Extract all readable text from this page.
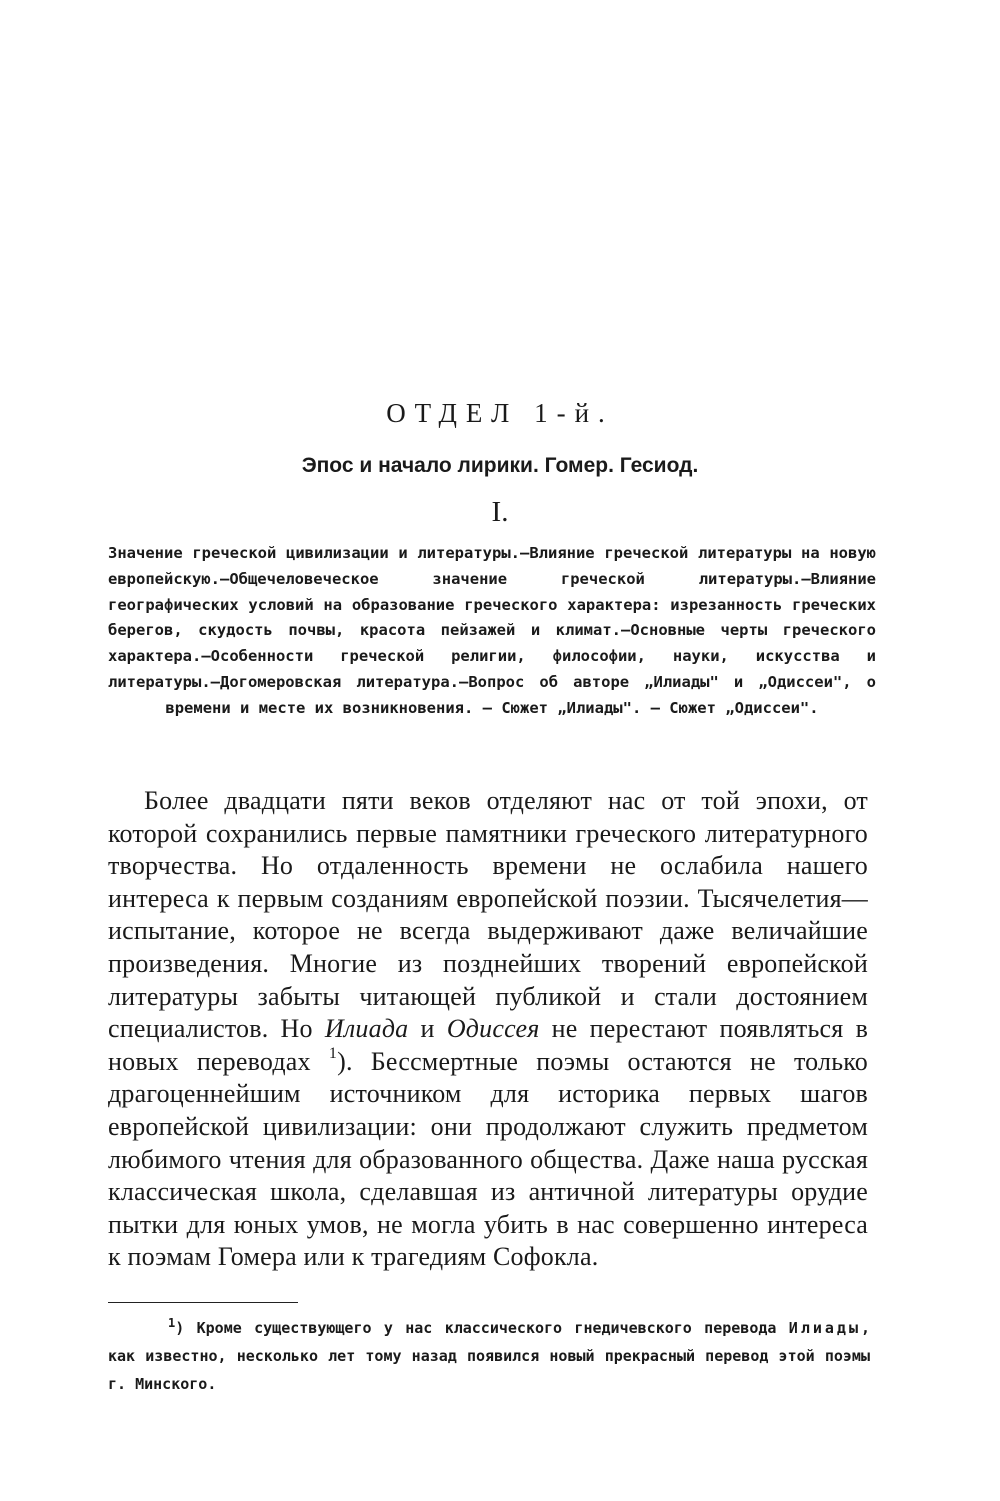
ОТДЕЛ 1-й.
Эпос и начало лирики. Гомер. Гесиод.
I.
Значение греческой цивилизации и литературы.—Влияние греческой литературы на новую европейскую.—Общечеловеческое значение греческой литературы.—Влияние географических условий на образование греческого характера: изрезанность греческих берегов, скудость почвы, красота пейзажей и климат.—Основные черты греческого характера.—Особенности греческой религии, философии, науки, искусства и литературы.—Догомеровская литература.—Вопрос об авторе „Илиады" и „Одиссеи", о времени и месте их возникновения. — Сюжет „Илиады". — Сюжет „Одиссеи".
Более двадцати пяти веков отделяют нас от той эпохи, от которой сохранились первые памятники греческого литературного творчества. Но отдаленность времени не ослабила нашего интереса к первым созданиям европейской поэзии. Тысячелетия—испытание, которое не всегда выдерживают даже величайшие произведения. Многие из позднейших творений европейской литературы забыты читающей публикой и стали достоянием специалистов. Но Илиада и Одиссея не перестают появляться в новых переводах $^1$). Бессмертные поэмы остаются не только драгоценнейшим источником для историка первых шагов европейской цивилизации: они продолжают служить предметом любимого чтения для образованного общества. Даже наша русская классическая школа, сделавшая из античной литературы орудие пытки для юных умов, не могла убить в нас совершенно интереса к поэмам Гомера или к трагедиям Софокла.
$^1$) Кроме существующего у нас классического гнедичевского перевода Илиады, как известно, несколько лет тому назад появился новый прекрасный перевод этой поэмы г. Минского.
